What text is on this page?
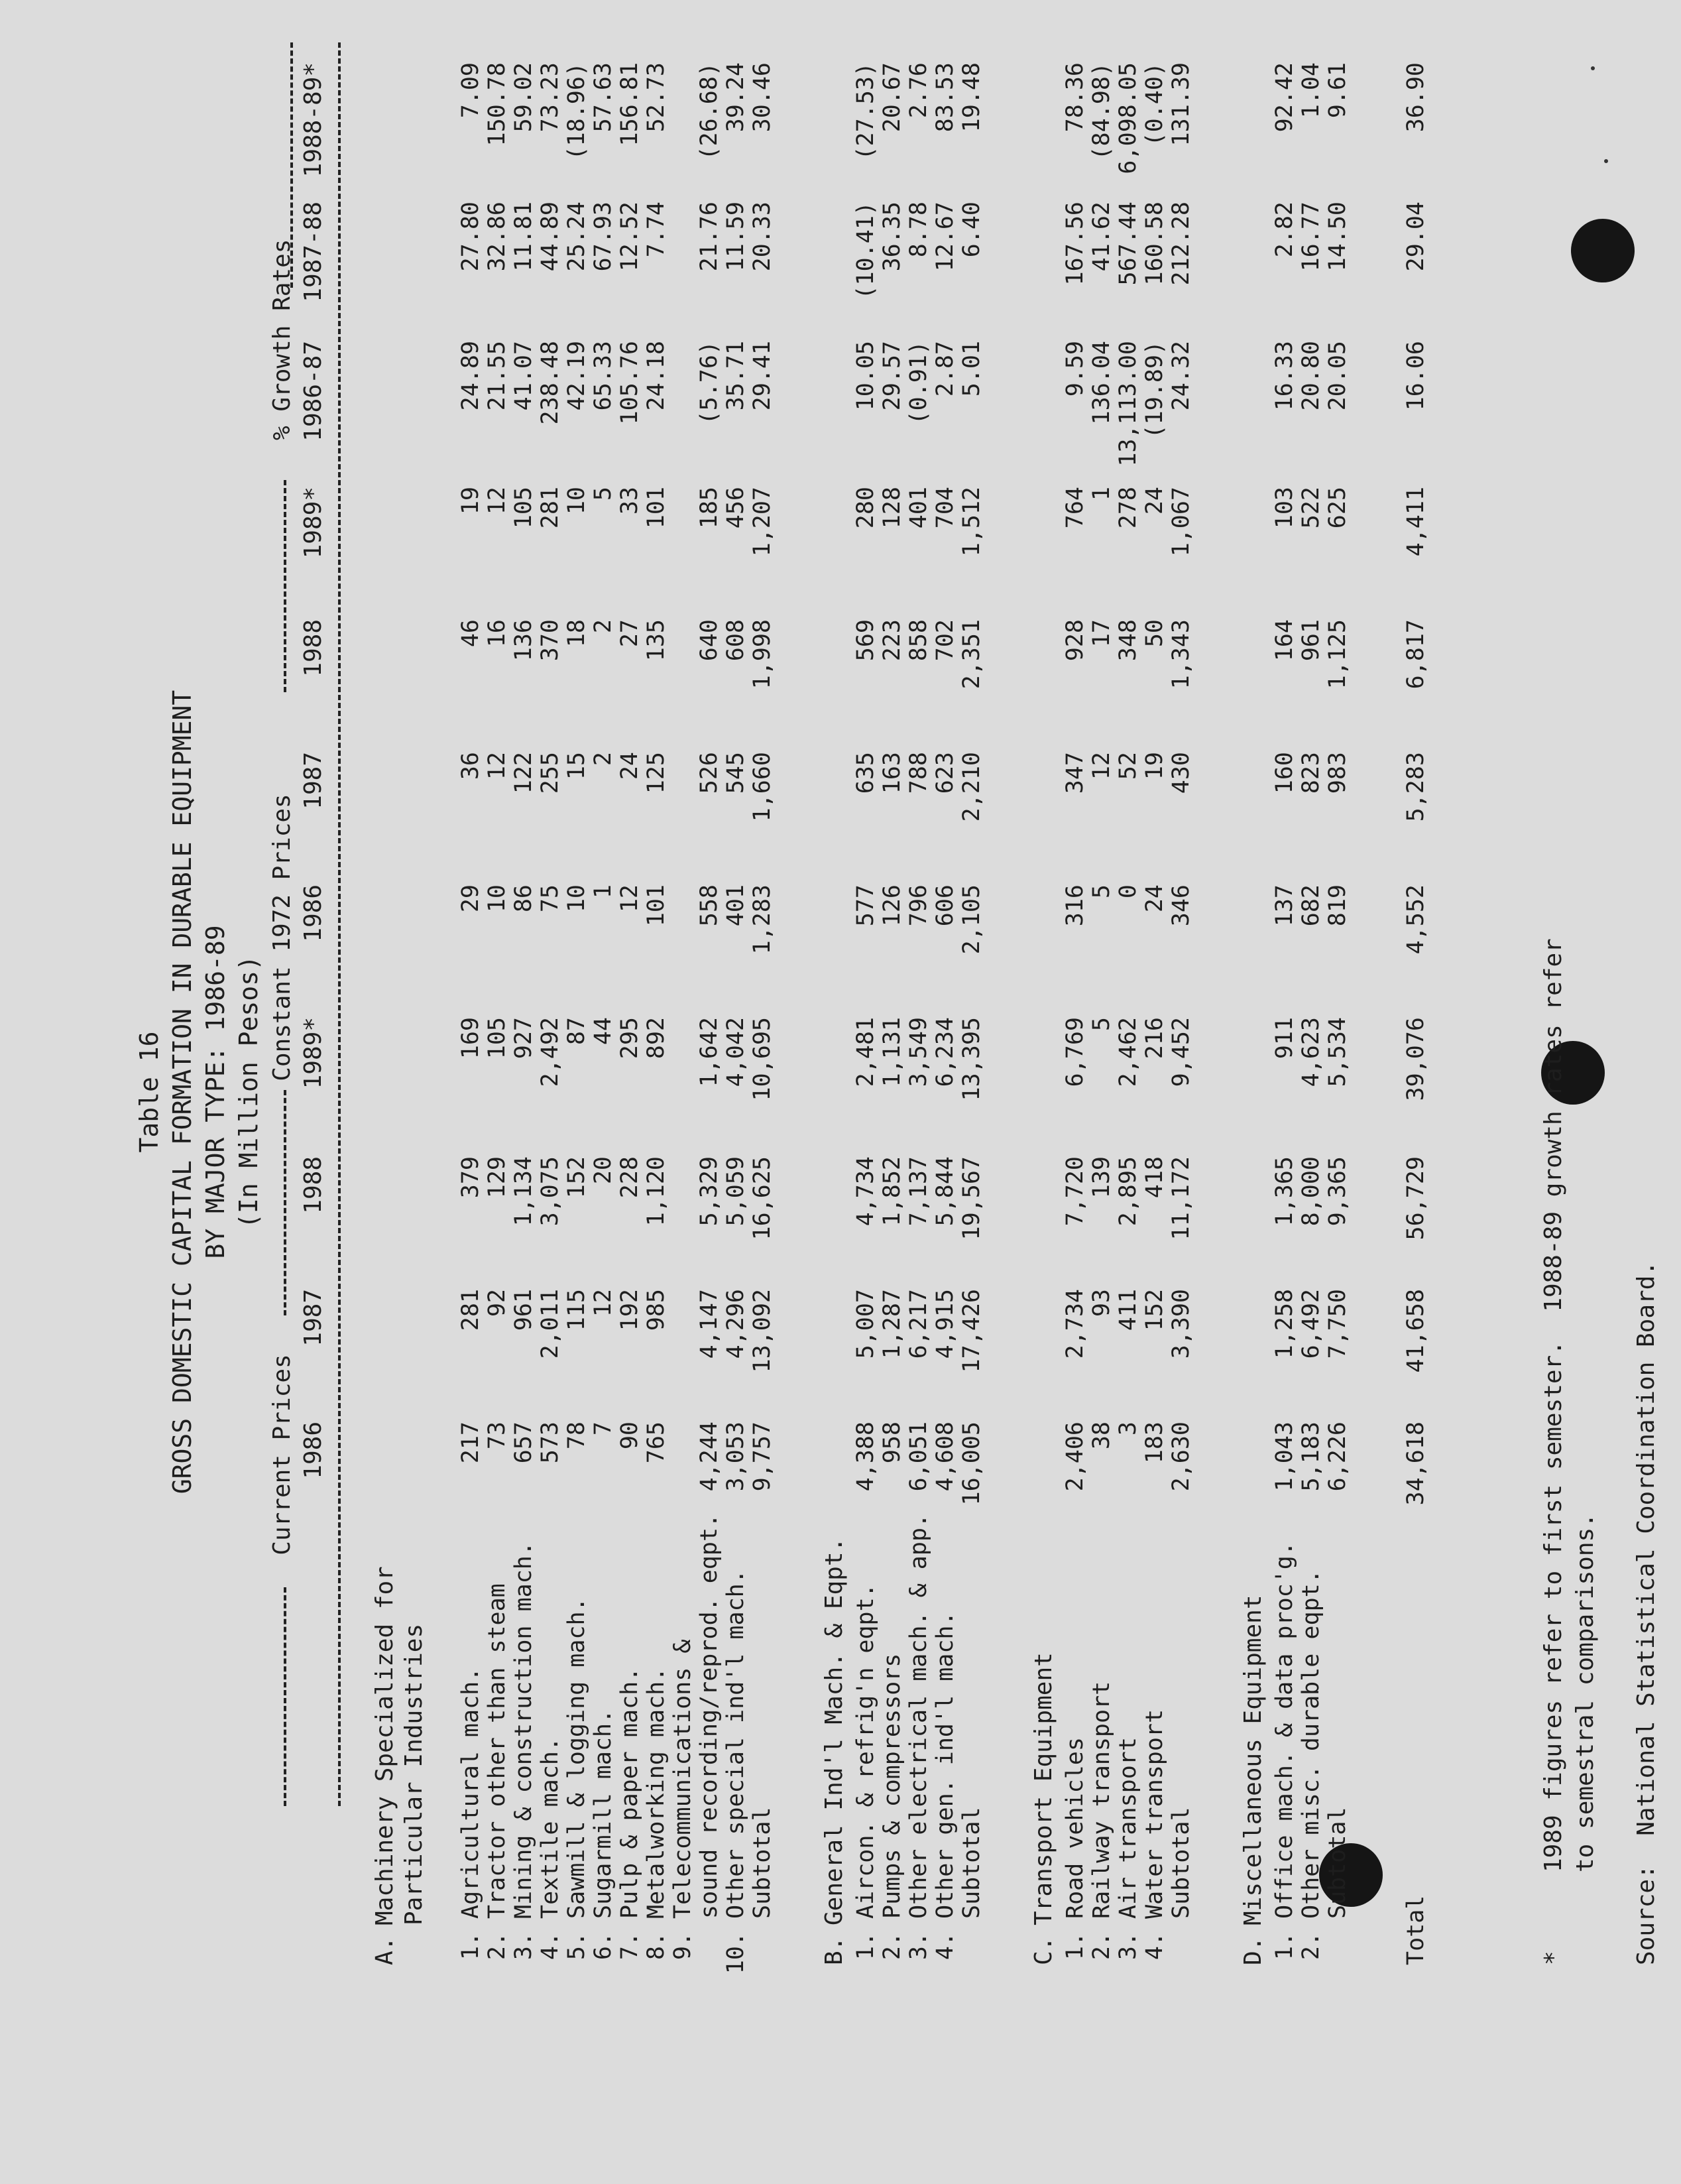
Table 16 GROSS DOMESTIC CAPITAL FORMATION IN DURABLE EQUIPMENT BY MAJOR TYPE: 1986-89 (In Million Pesos)
Current Prices
Constant 1972 Prices
% Growth Rates
1986
1987
1988
1989*
1986
1987
1988
1989*
1986-87
1987-88
1988-89*
A.
Machinery Specialized for Particular Industries
1.
Agricultural mach.
217
281
379
169
29
36
46
19
24.89
27.80
7.09
2.
Tractor other than steam
73
92
129
105
10
12
16
12
21.55
32.86
150.78
3.
Mining & construction mach.
657
961
1,134
927
86
122
136
105
41.07
11.81
59.02
4.
Textile mach.
573
2,011
3,075
2,492
75
255
370
281
238.48
44.89
73.23
5.
Sawmill & logging mach.
78
115
152
87
10
15
18
10
42.19
25.24
(18.96)
6.
Sugarmill mach.
7
12
20
44
1
2
2
5
65.33
67.93
57.63
7.
Pulp & paper mach.
90
192
228
295
12
24
27
33
105.76
12.52
156.81
8.
Metalworking mach.
765
985
1,120
892
101
125
135
101
24.18
7.74
52.73
9.
Telecommunications & sound recording/reprod. eqpt.
4,244
4,147
5,329
1,642
558
526
640
185
(5.76)
21.76
(26.68)
10.
Other special ind'l mach.
3,053
4,296
5,059
4,042
401
545
608
456
35.71
11.59
39.24
Subtotal
9,757
13,092
16,625
10,695
1,283
1,660
1,998
1,207
29.41
20.33
30.46
B.
General Ind'l Mach. & Eqpt.
1.
Aircon. & refrig'n eqpt.
4,388
5,007
4,734
2,481
577
635
569
280
10.05
(10.41)
(27.53)
2.
Pumps & compressors
958
1,287
1,852
1,131
126
163
223
128
29.57
36.35
20.67
3.
Other electrical mach. & app.
6,051
6,217
7,137
3,549
796
788
858
401
(0.91)
8.78
2.76
4.
Other gen. ind'l mach.
4,608
4,915
5,844
6,234
606
623
702
704
2.87
12.67
83.53
Subtotal
16,005
17,426
19,567
13,395
2,105
2,210
2,351
1,512
5.01
6.40
19.48
C.
Transport Equipment
1.
Road vehicles
2,406
2,734
7,720
6,769
316
347
928
764
9.59
167.56
78.36
2.
Railway transport
38
93
139
5
5
12
17
1
136.04
41.62
(84.98)
3.
Air transport
3
411
2,895
2,462
0
52
348
278
13,113.00
567.44
6,098.05
4.
Water transport
183
152
418
216
24
19
50
24
(19.89)
160.58
(0.40)
Subtotal
2,630
3,390
11,172
9,452
346
430
1,343
1,067
24.32
212.28
131.39
D.
Miscellaneous Equipment
1.
Office mach. & data proc'g.
1,043
1,258
1,365
911
137
160
164
103
16.33
2.82
92.42
2.
Other misc. durable eqpt.
5,183
6,492
8,000
4,623
682
823
961
522
20.80
16.77
1.04
Subtotal
6,226
7,750
9,365
5,534
819
983
1,125
625
20.05
14.50
9.61
Total
34,618
41,658
56,729
39,076
4,552
5,283
6,817
4,411
16.06
29.04
36.90
*
1989 figures refer to first semester.  1988-89 growth rates refer to semestral comparisons. Source:  National Statistical Coordination Board.
